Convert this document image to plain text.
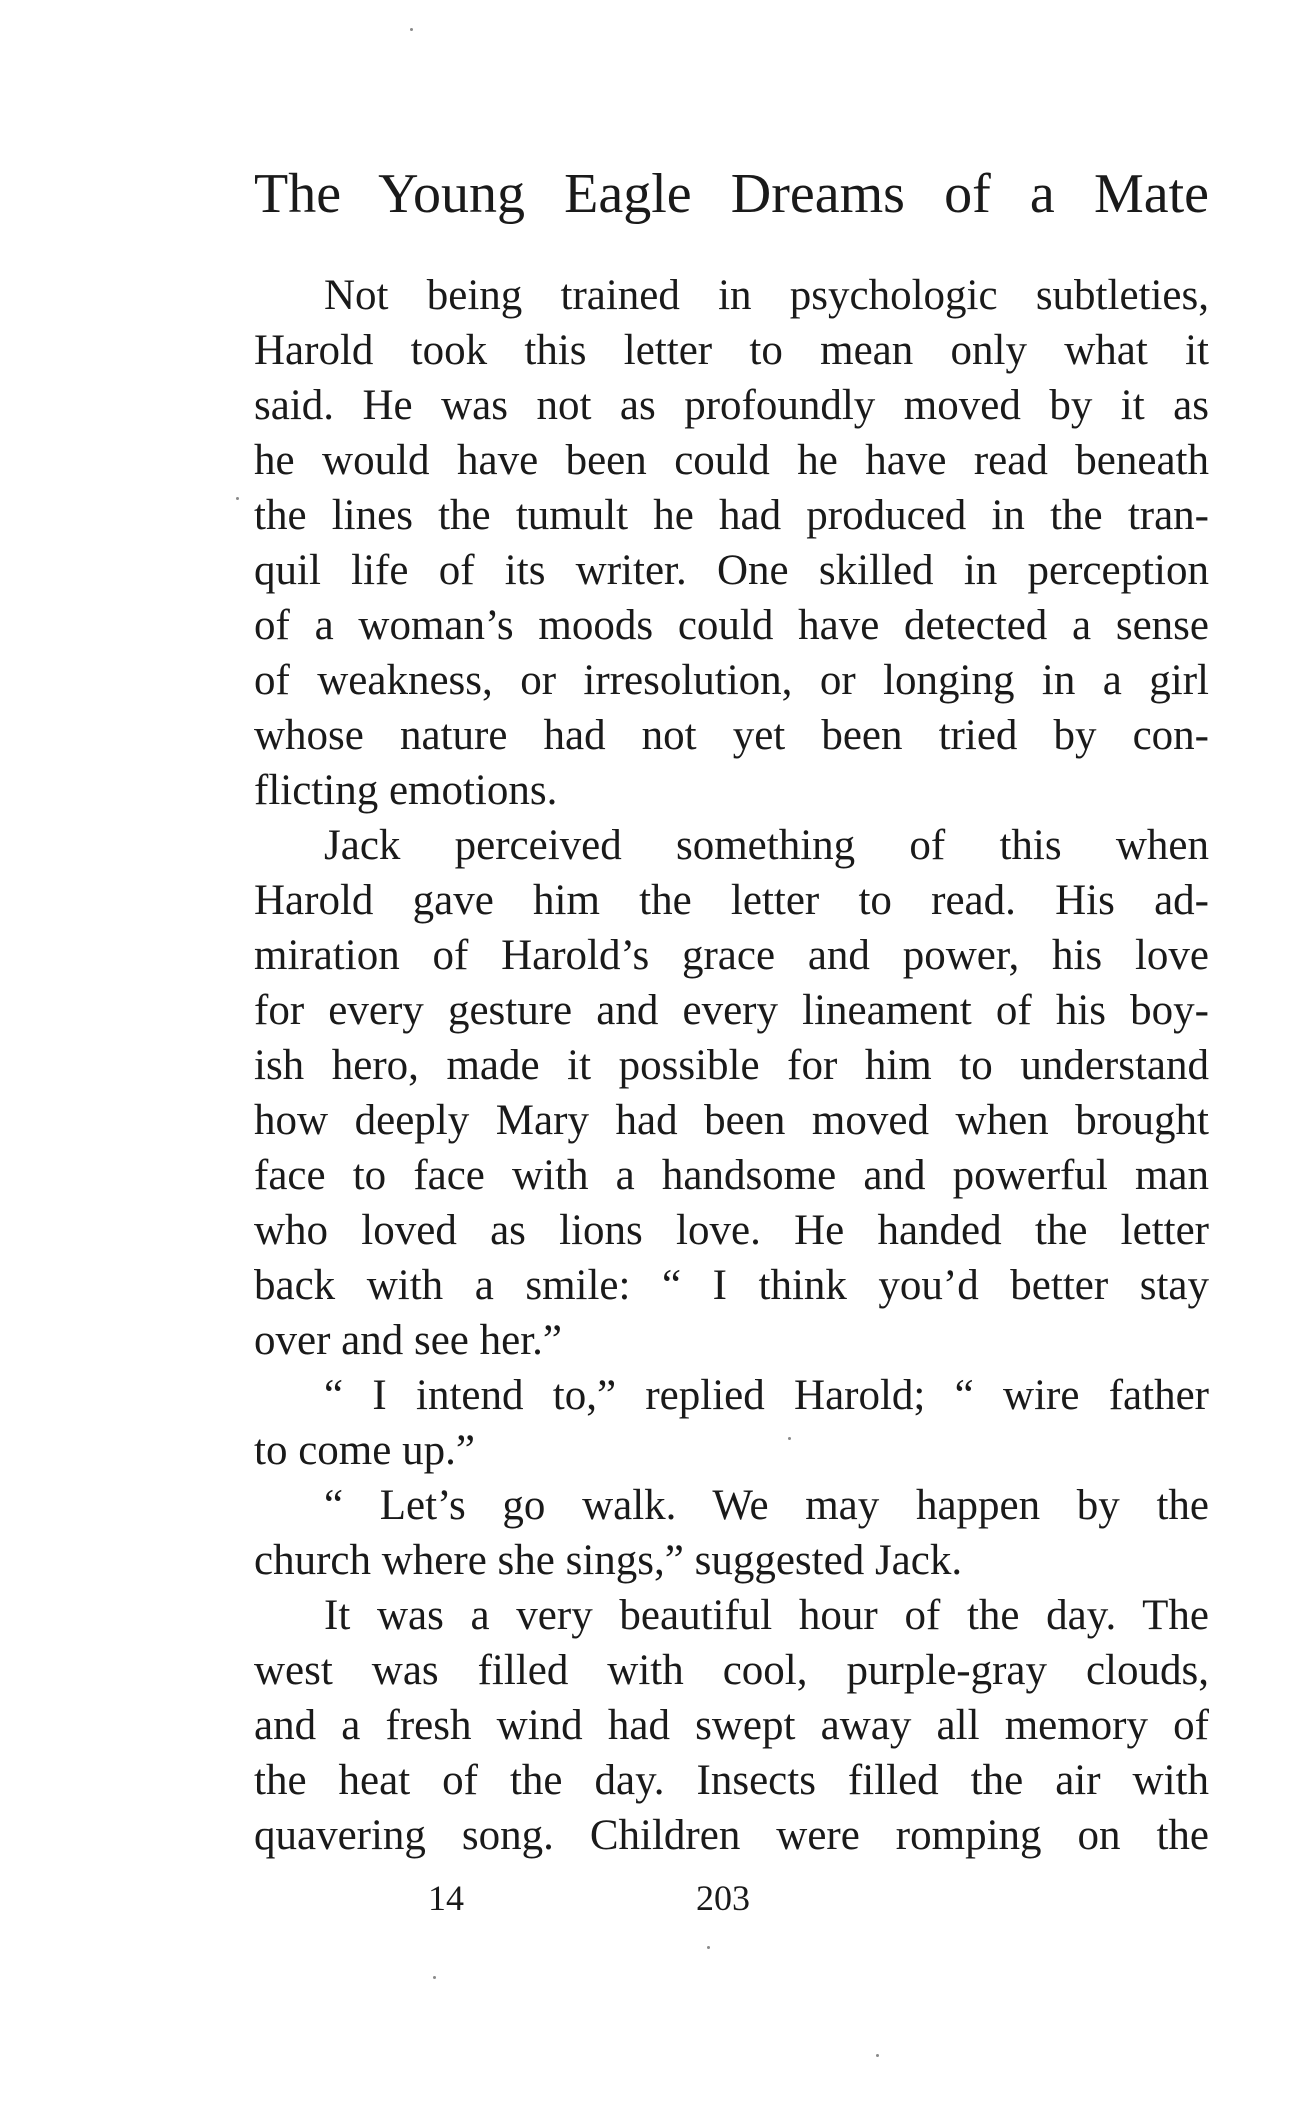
The Young Eagle Dreams of a Mate
Not being trained in psychologic subtleties,
Harold took this letter to mean only what it
said. He was not as profoundly moved by it as
he would have been could he have read beneath
the lines the tumult he had produced in the tran-
quil life of its writer. One skilled in perception
of a woman’s moods could have detected a sense
of weakness, or irresolution, or longing in a girl
whose nature had not yet been tried by con-
flicting emotions.
Jack perceived something of this when
Harold gave him the letter to read. His ad-
miration of Harold’s grace and power, his love
for every gesture and every lineament of his boy-
ish hero, made it possible for him to understand
how deeply Mary had been moved when brought
face to face with a handsome and powerful man
who loved as lions love. He handed the letter
back with a smile: “ I think you’d better stay
over and see her.”
“ I intend to,” replied Harold; “ wire father
to come up.”
“ Let’s go walk. We may happen by the
church where she sings,” suggested Jack.
It was a very beautiful hour of the day. The
west was filled with cool, purple-gray clouds,
and a fresh wind had swept away all memory of
the heat of the day. Insects filled the air with
quavering song. Children were romping on the
14	203
